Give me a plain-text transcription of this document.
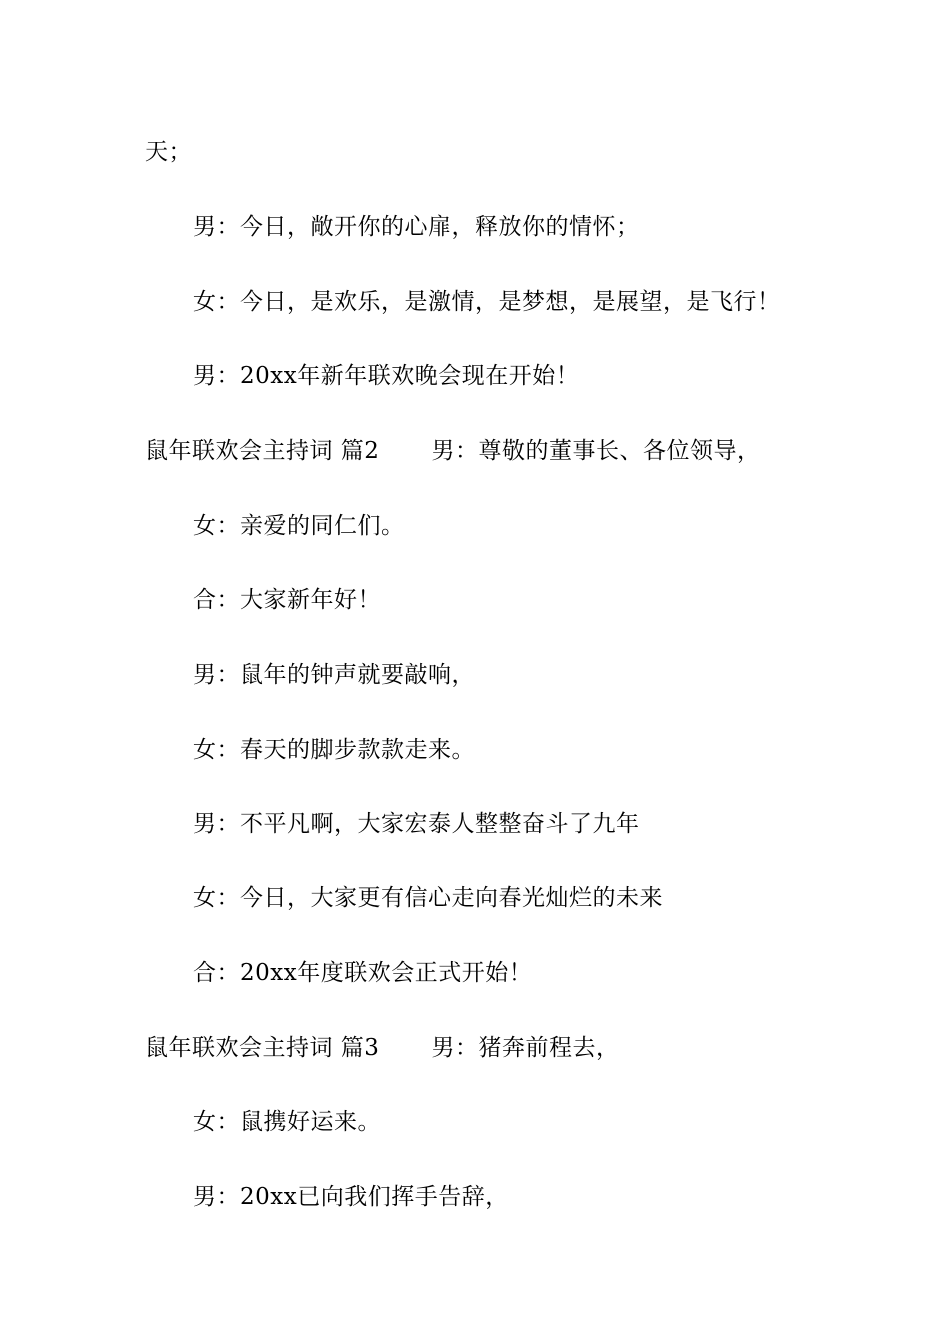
天；
男：今日，敞开你的心扉，释放你的情怀；
女：今日，是欢乐，是激情，是梦想，是展望，是飞行！
男：20xx年新年联欢晚会现在开始！
鼠年联欢会主持词 篇2 男：尊敬的董事长、各位领导，
女：亲爱的同仁们。
合：大家新年好！
男：鼠年的钟声就要敲响，
女：春天的脚步款款走来。
男：不平凡啊，大家宏泰人整整奋斗了九年
女：今日，大家更有信心走向春光灿烂的未来
合：20xx年度联欢会正式开始！
鼠年联欢会主持词 篇3 男：猪奔前程去，
女：鼠携好运来。
男：20xx已向我们挥手告辞，
